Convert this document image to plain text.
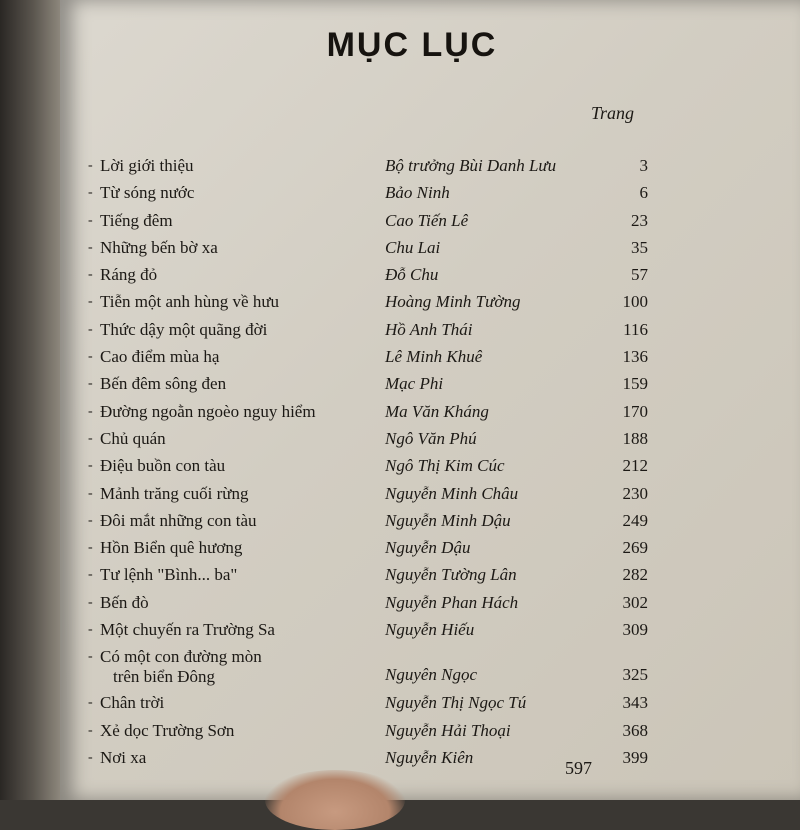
MỤC LỤC
Trang
- Lời giới thiệu	Bộ trưởng Bùi Danh Lưu	3
- Từ sóng nước	Bảo Ninh	6
- Tiếng đêm	Cao Tiến Lê	23
- Những bến bờ xa	Chu Lai	35
- Ráng đỏ	Đỗ Chu	57
- Tiễn một anh hùng về hưu	Hoàng Minh Tường	100
- Thức dậy một quãng đời	Hồ Anh Thái	116
- Cao điểm mùa hạ	Lê Minh Khuê	136
- Bến đêm sông đen	Mạc Phi	159
- Đường ngoằn ngoèo nguy hiểm	Ma Văn Kháng	170
- Chủ quán	Ngô Văn Phú	188
- Điệu buồn con tàu	Ngô Thị Kim Cúc	212
- Mảnh trăng cuối rừng	Nguyễn Minh Châu	230
- Đôi mắt những con tàu	Nguyễn Minh Dậu	249
- Hồn Biển quê hương	Nguyễn Dậu	269
- Tư lệnh "Bình... ba"	Nguyễn Tường Lân	282
- Bến đò	Nguyễn Phan Hách	302
- Một chuyến ra Trường Sa	Nguyễn Hiếu	309
- Có một con đường mòn
trên biển Đông	Nguyên Ngọc	325
- Chân trời	Nguyễn Thị Ngọc Tú	343
- Xẻ dọc Trường Sơn	Nguyễn Hải Thoại	368
- Nơi xa	Nguyễn Kiên	399
597
